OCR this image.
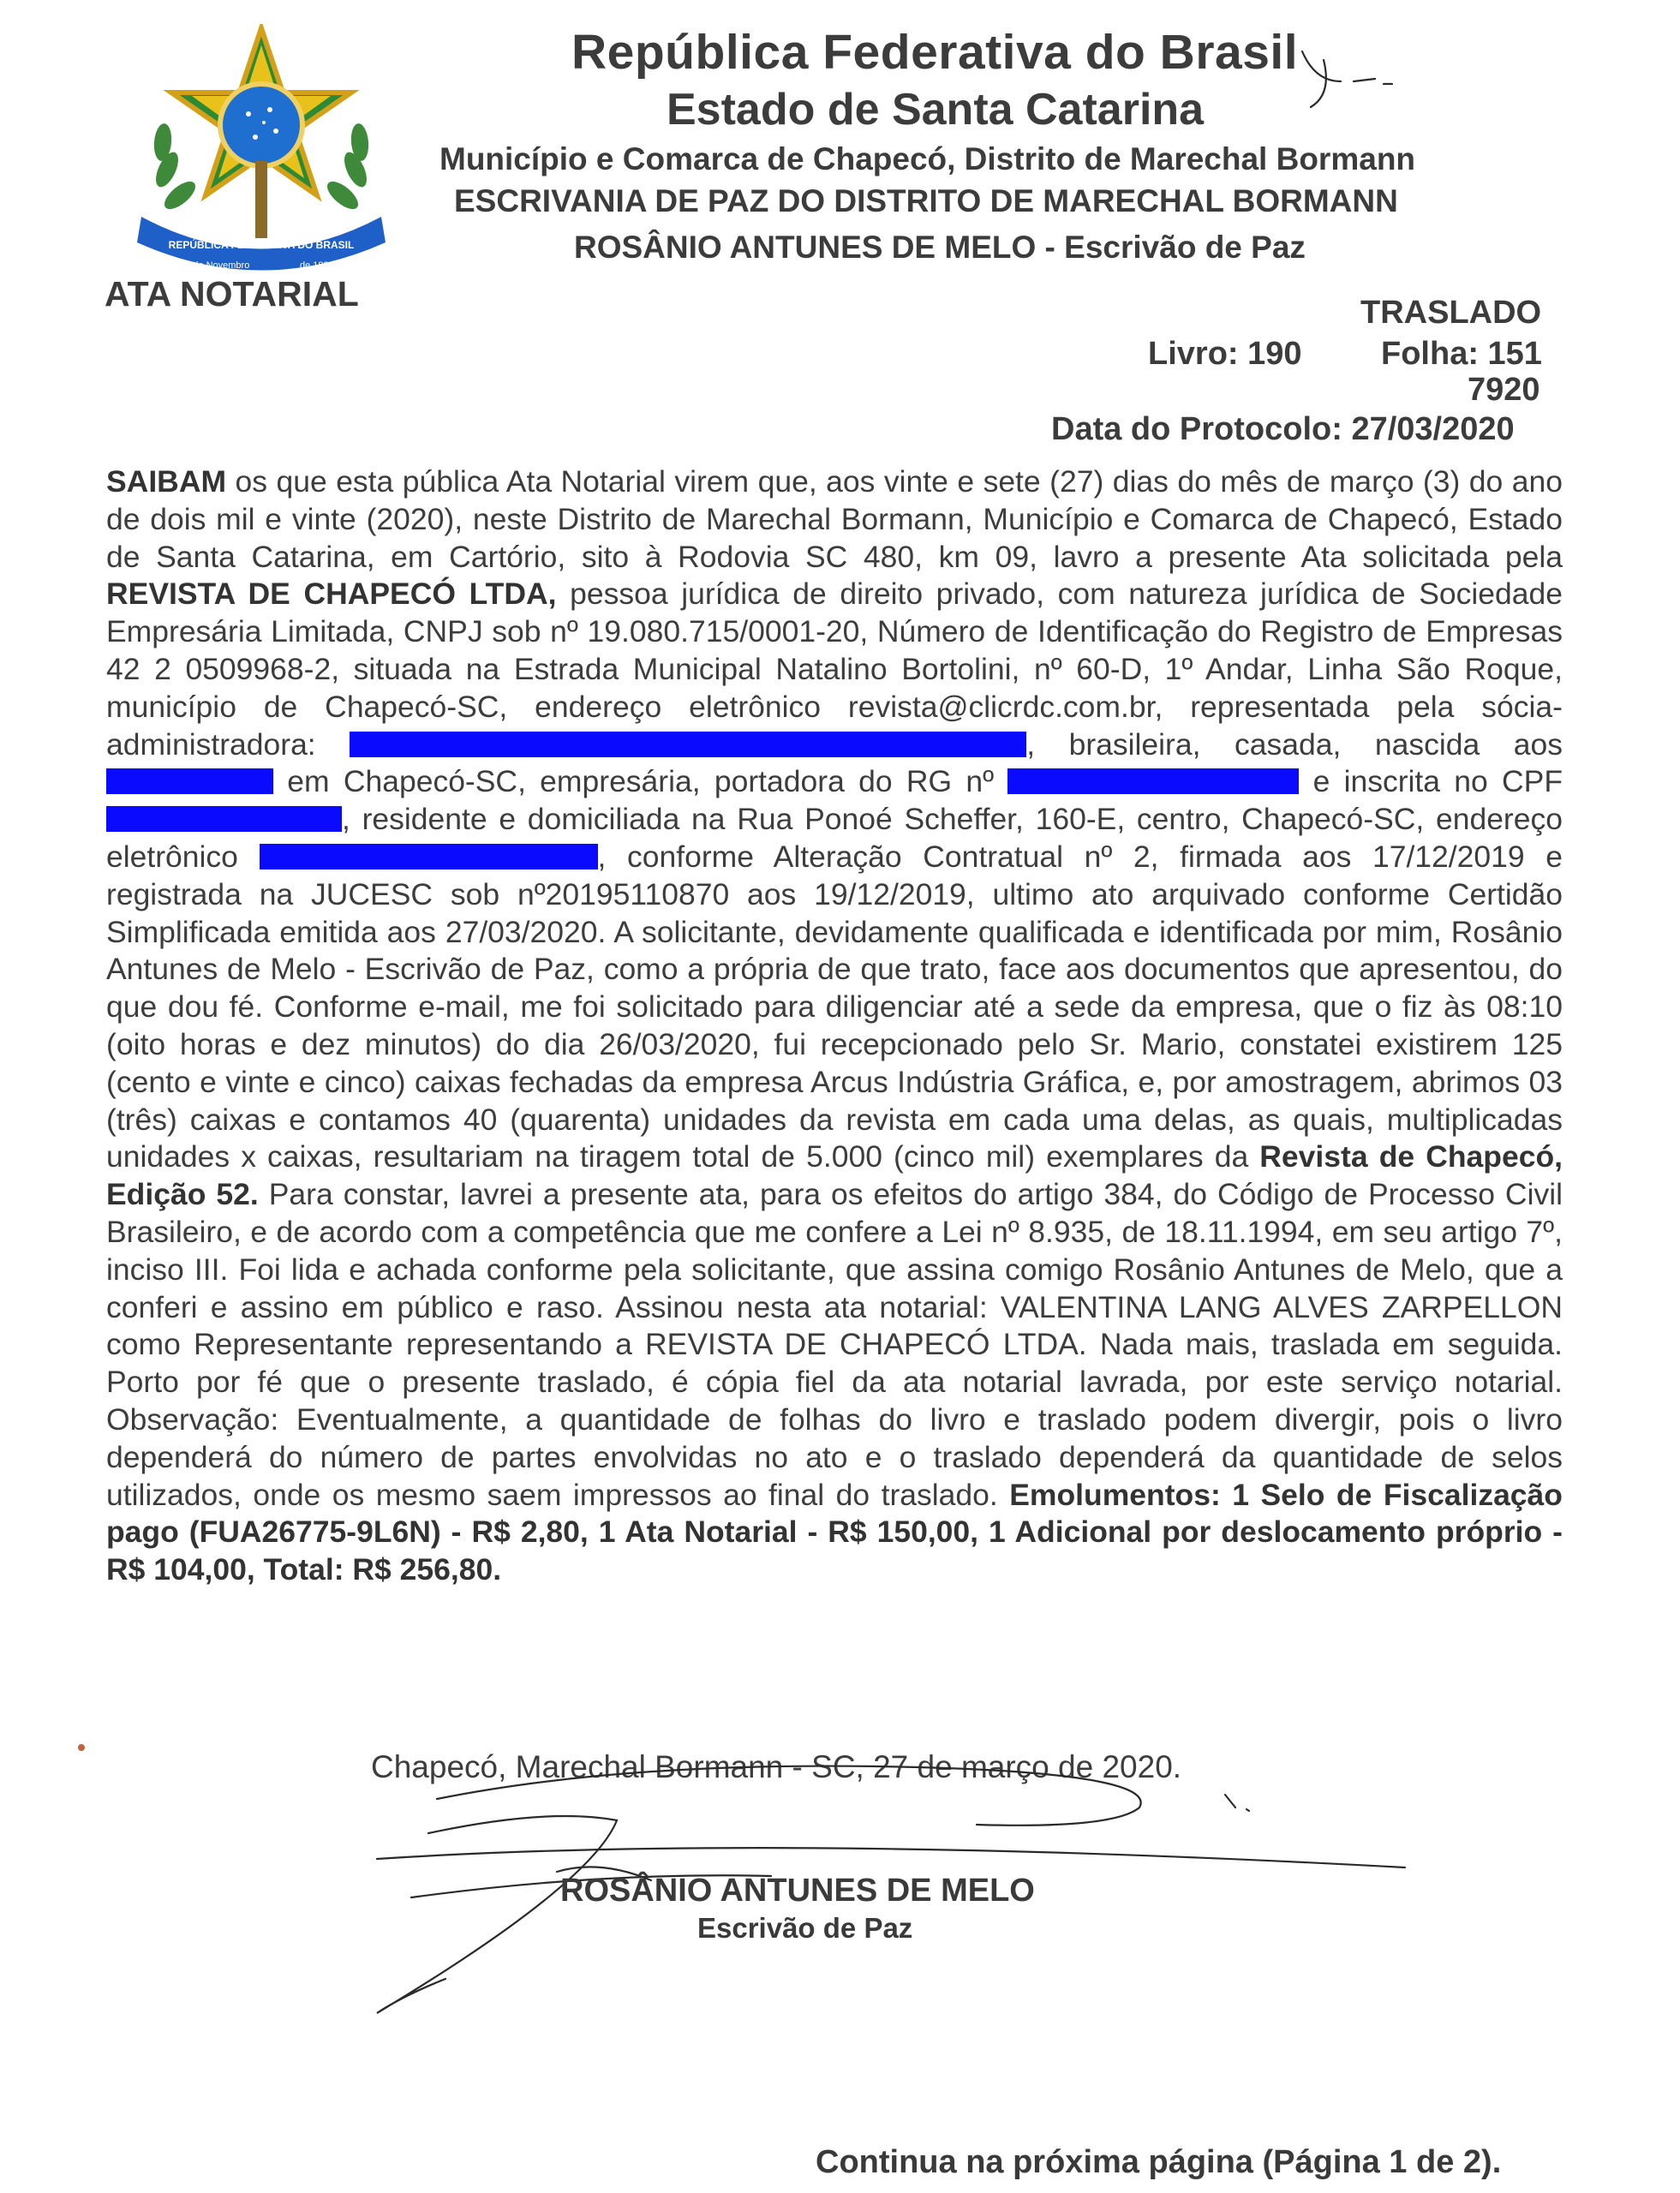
REPÚBLICA FEDERATIVA DO BRASIL
15 de Novembro	de 1889
República Federativa do Brasil
Estado de Santa Catarina
Município e Comarca de Chapecó, Distrito de Marechal Bormann
ESCRIVANIA DE PAZ DO DISTRITO DE MARECHAL BORMANN
ROSÂNIO ANTUNES DE MELO - Escrivão de Paz
ATA NOTARIAL	TRASLADO
Livro: 190 Folha: 151
7920
Data do Protocolo: 27/03/2020
SAIBAM os que esta pública Ata Notarial virem que, aos vinte e sete (27) dias do mês de março (3) do ano de dois mil e vinte (2020), neste Distrito de Marechal Bormann, Município e Comarca de Chapecó, Estado de Santa Catarina, em Cartório, sito à Rodovia SC 480, km 09, lavro a presente Ata solicitada pela REVISTA DE CHAPECÓ LTDA, pessoa jurídica de direito privado, com natureza jurídica de Sociedade Empresária Limitada, CNPJ sob nº 19.080.715/0001-20, Número de Identificação do Registro de Empresas 42 2 0509968-2, situada na Estrada Municipal Natalino Bortolini, nº 60-D, 1º Andar, Linha São Roque, município de Chapecó-SC, endereço eletrônico revista@clicrdc.com.br, representada pela sócia-administradora:	, brasileira, casada, nascida aos  em Chapecó-SC, empresária, portadora do RG nº	e inscrita no CPF , residente e domiciliada na Rua Ponoé Scheffer, 160-E, centro, Chapecó-SC, endereço eletrônico	, conforme Alteração Contratual nº 2, firmada aos 17/12/2019 e registrada na JUCESC sob nº20195110870 aos 19/12/2019, ultimo ato arquivado conforme Certidão Simplificada emitida aos 27/03/2020. A solicitante, devidamente qualificada e identificada por mim, Rosânio Antunes de Melo - Escrivão de Paz, como a própria de que trato, face aos documentos que apresentou, do que dou fé. Conforme e-mail, me foi solicitado para diligenciar até a sede da empresa, que o fiz às 08:10 (oito horas e dez minutos) do dia 26/03/2020, fui recepcionado pelo Sr. Mario, constatei existirem 125 (cento e vinte e cinco) caixas fechadas da empresa Arcus Indústria Gráfica, e, por amostragem, abrimos 03 (três) caixas e contamos 40 (quarenta) unidades da revista em cada uma delas, as quais, multiplicadas unidades x caixas, resultariam na tiragem total de 5.000 (cinco mil) exemplares da Revista de Chapecó, Edição 52. Para constar, lavrei a presente ata, para os efeitos do artigo 384, do Código de Processo Civil Brasileiro, e de acordo com a competência que me confere a Lei nº 8.935, de 18.11.1994, em seu artigo 7º, inciso III. Foi lida e achada conforme pela solicitante, que assina comigo Rosânio Antunes de Melo, que a conferi e assino em público e raso. Assinou nesta ata notarial: VALENTINA LANG ALVES ZARPELLON como Representante representando a REVISTA DE CHAPECÓ LTDA. Nada mais, traslada em seguida. Porto por fé que o presente traslado, é cópia fiel da ata notarial lavrada, por este serviço notarial. Observação: Eventualmente, a quantidade de folhas do livro e traslado podem divergir, pois o livro dependerá do número de partes envolvidas no ato e o traslado dependerá da quantidade de selos utilizados, onde os mesmo saem impressos ao final do traslado. Emolumentos: 1 Selo de Fiscalização pago (FUA26775-9L6N) - R$ 2,80, 1 Ata Notarial - R$ 150,00, 1 Adicional por deslocamento próprio - R$ 104,00, Total: R$ 256,80.
Chapecó, Marechal Bormann - SC, 27 de março de 2020.
ROSÂNIO ANTUNES DE MELO
Escrivão de Paz
Continua na próxima página (Página 1 de 2).
